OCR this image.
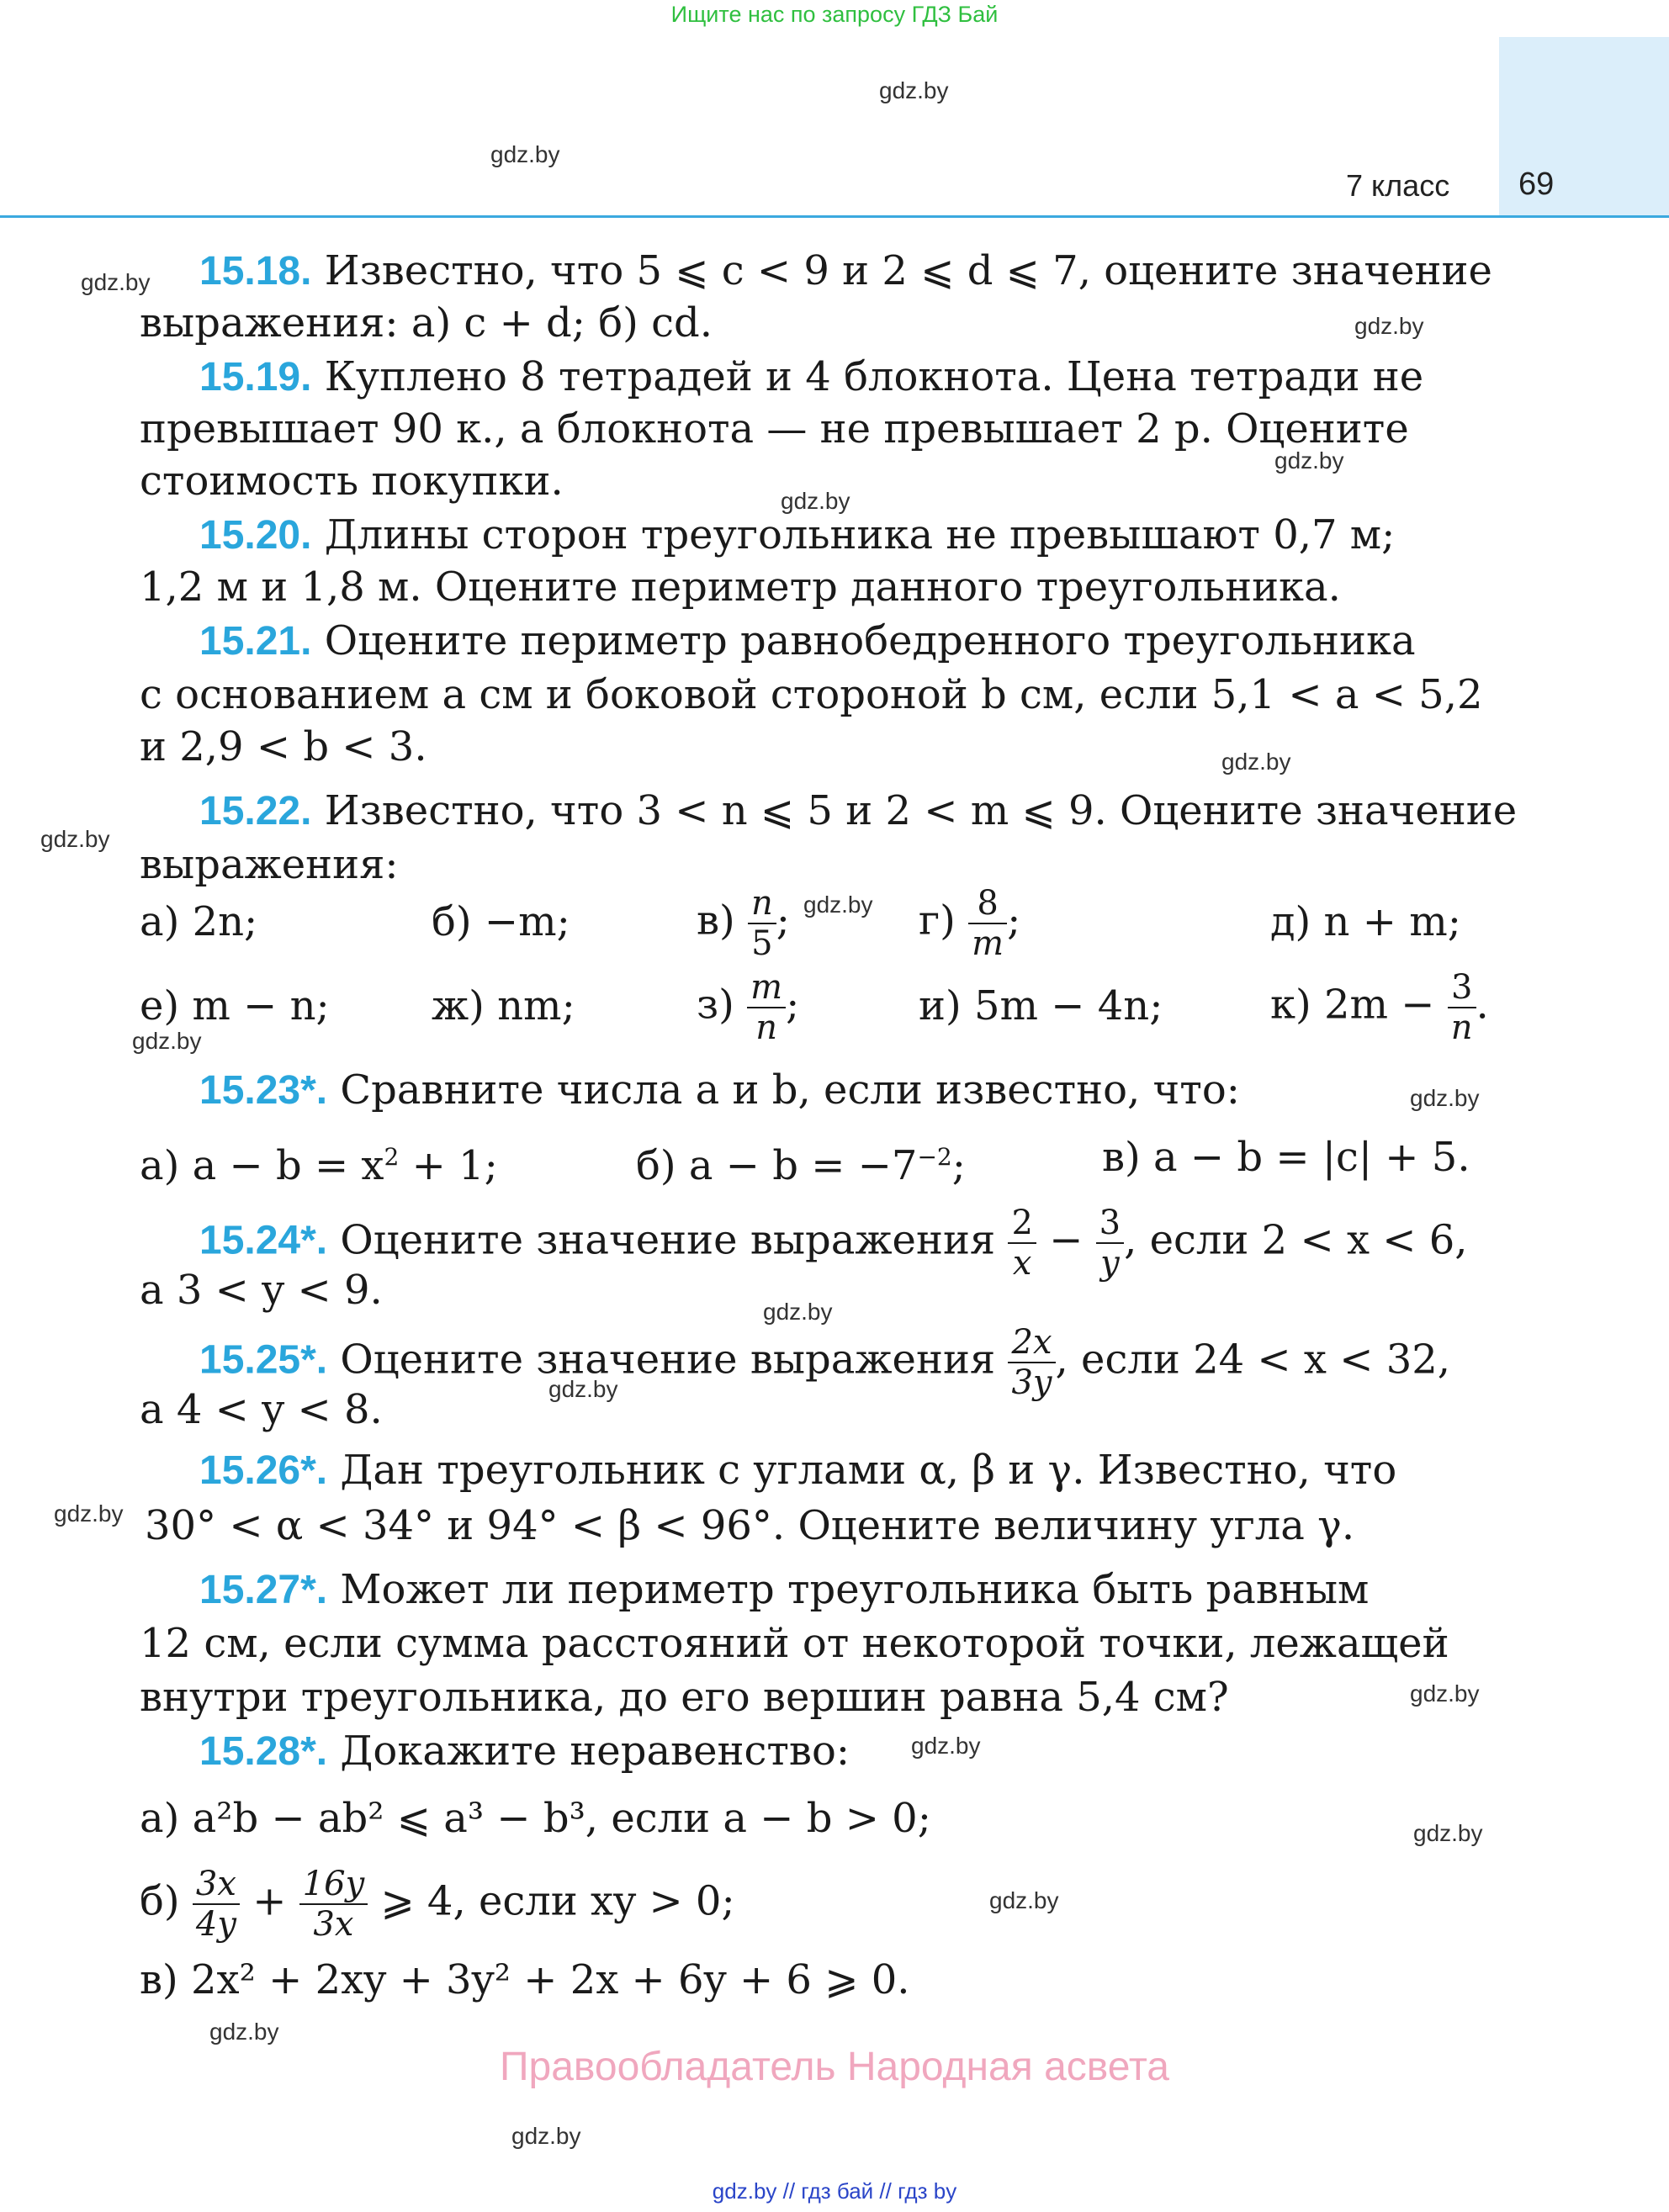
Ищите нас по запросу ГДЗ Бай
7 класс 69
gdz.by
gdz.by
gdz.by
gdz.by
gdz.by
gdz.by
gdz.by
gdz.by
gdz.by
gdz.by
gdz.by
gdz.by
gdz.by
gdz.by
gdz.by
gdz.by
gdz.by
gdz.by
gdz.by
gdz.by
15.18. Известно, что 5 ⩽ c < 9 и 2 ⩽ d ⩽ 7, оцените значение
выражения: а) c + d; б) cd.
15.19. Куплено 8 тетрадей и 4 блокнота. Цена тетради не
превышает 90 к., а блокнота — не превышает 2 р. Оцените
стоимость покупки.
15.20. Длины сторон треугольника не превышают 0,7 м;
1,2 м и 1,8 м. Оцените периметр данного треугольника.
15.21. Оцените периметр равнобедренного треугольника
с основанием a см и боковой стороной b см, если 5,1 < a < 5,2
и 2,9 < b < 3.
15.22. Известно, что 3 < n ⩽ 5 и 2 < m ⩽ 9. Оцените значение
выражения:
а) 2n;	б) −m;	$в) \frac{n}{5}$ ;	$г) \frac{8}{m}$ ;	д) n + m;
е) m − n;	ж) nm;	$з) \frac{m}{n}$ ;	и) 5m − 4n;	к) $2m - \frac{3}{n}$ .
15.23*. Сравните числа a и b, если известно, что:
а) $a - b = x^2 + 1$;	б) $a - b = -7^{-2}$;	в) a − b = |c| + 5.
15.24*. Оцените значение выражения $\frac{2}{x} - \frac{3}{y}$ , если 2 < x < 6,
а 3 < y < 9.
15.25*. Оцените значение выражения $\frac{2x}{3y}$ , если 24 < x < 32,
а 4 < y < 8.
15.26*. Дан треугольник с углами α, β и γ. Известно, что
30° < α < 34° и 94° < β < 96°. Оцените величину угла γ.
15.27*. Может ли периметр треугольника быть равным
12 см, если сумма расстояний от некоторой точки, лежащей
внутри треугольника, до его вершин равна 5,4 см?
15.28*. Докажите неравенство:
а) a²b − ab² ⩽ a³ − b³, если a − b > 0;
$б) \frac{3x}{4y} + \frac{16y}{3x}$ ⩾ 4, если xy > 0;
в) 2x² + 2xy + 3y² + 2x + 6y + 6 ⩾ 0.
Правообладатель Народная асвета
gdz.by // гдз бай // гдз by
